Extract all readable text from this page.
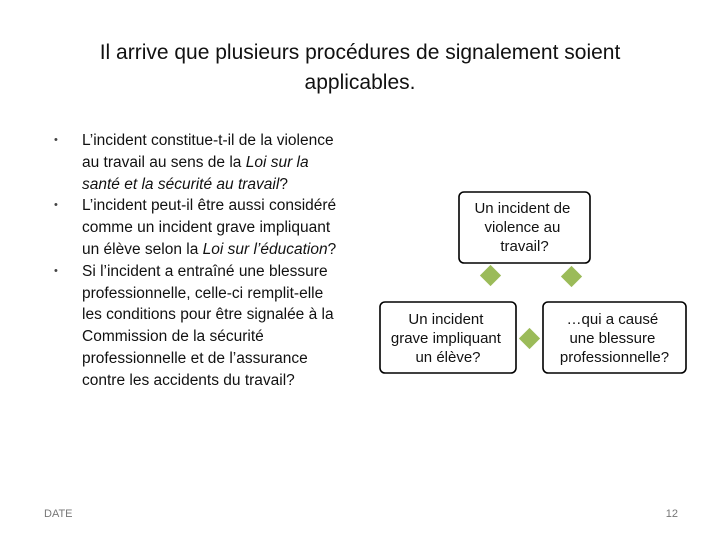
Il arrive que plusieurs procédures de signalement soient applicables.
• L’incident constitue-t-il de la violence au travail au sens de la Loi sur la santé et la sécurité au travail?
• L’incident peut-il être aussi considéré comme un incident grave impliquant un élève selon la Loi sur l’éducation?
• Si l’incident a entraîné une blessure professionnelle, celle-ci remplit-elle les conditions pour être signalée à la Commission de la sécurité professionnelle et de l’assurance contre les accidents du travail?
Un incident de violence au travail?
Un incident grave impliquant un élève?
…qui a causé une blessure professionnelle?
DATE	12
